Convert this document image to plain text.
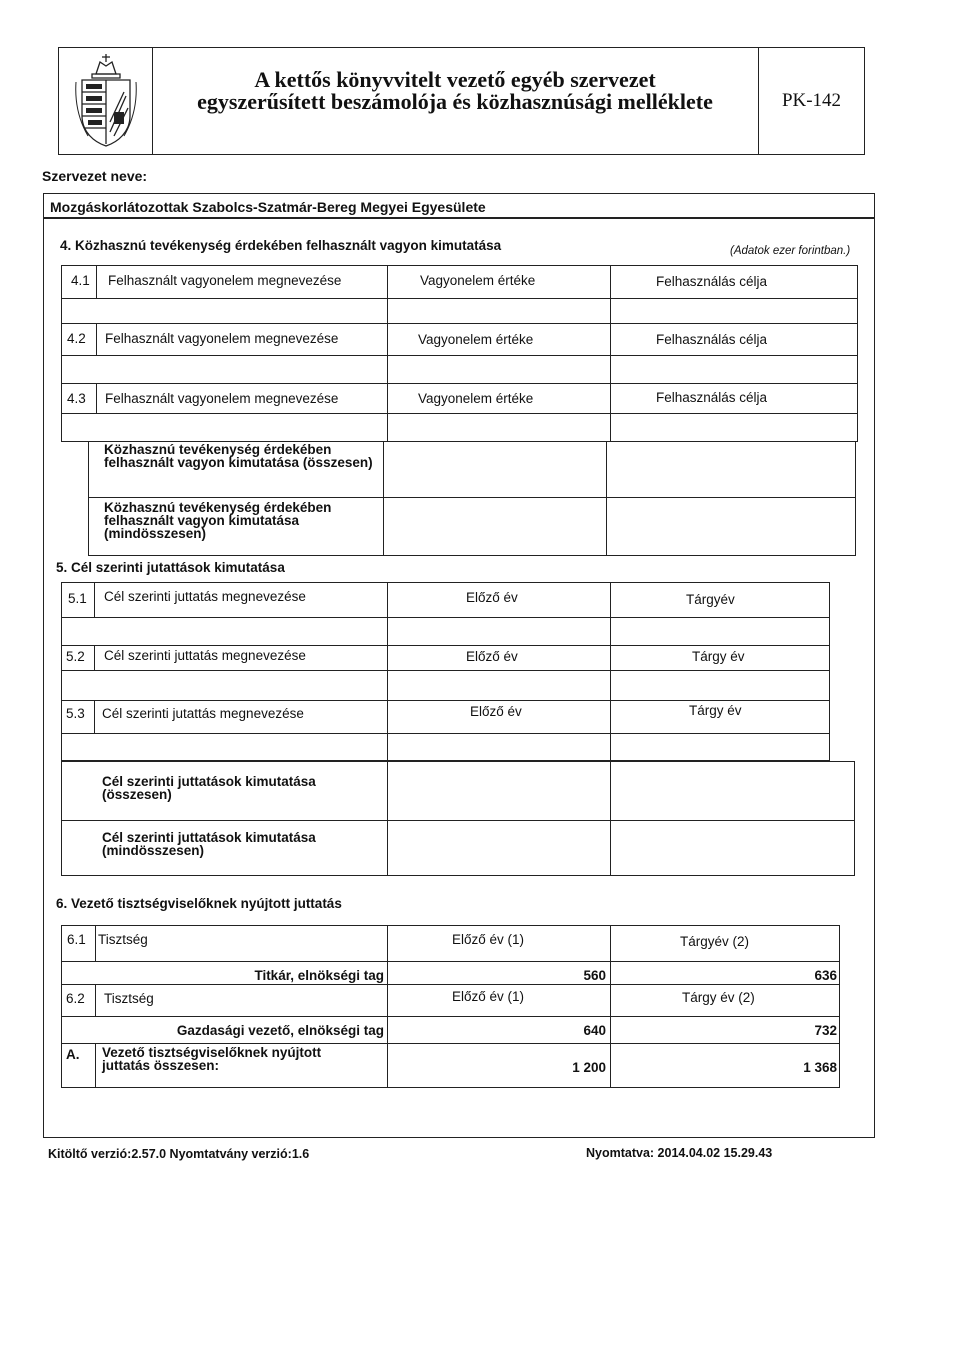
A kettős könyvvitelt vezető egyéb szervezet
egyszerűsített beszámolója és közhasznúsági melléklete	PK-142
Szervezet neve:
Mozgáskorlátozottak Szabolcs-Szatmár-Bereg Megyei Egyesülete
4. Közhasznú tevékenység érdekében felhasznált vagyon kimutatása	(Adatok ezer forintban.)
4.1 Felhasznált vagyonelem megnevezése	Vagyonelem értéke	Felhasználás célja
4.2 Felhasznált vagyonelem megnevezése	Vagyonelem értéke	Felhasználás célja
4.3 Felhasznált vagyonelem megnevezése	Vagyonelem értéke	Felhasználás célja
Közhasznú tevékenység érdekében felhasznált vagyon kimutatása (összesen)
Közhasznú tevékenység érdekében felhasznált vagyon kimutatása (mindösszesen)
5. Cél szerinti jutattások kimutatása
5.1 Cél szerinti juttatás megnevezése	Előző év	Tárgyév
5.2 Cél szerinti juttatás megnevezése	Előző év	Tárgy év
5.3 Cél szerinti jutattás megnevezése	Előző év	Tárgy év
Cél szerinti juttatások kimutatása (összesen)
Cél szerinti juttatások kimutatása (mindösszesen)
6. Vezető tisztségviselőknek nyújtott juttatás
6.1 Tisztség	Előző év (1)	Tárgyév (2)
Titkár, elnökségi tag	560	636
6.2 Tisztség	Előző év (1)	Tárgy év (2)
Gazdasági vezető, elnökségi tag	640	732
A. Vezető tisztségviselőknek nyújtott juttatás összesen:	1 200	1 368
Kitöltő verzió:2.57.0 Nyomtatvány verzió:1.6	Nyomtatva: 2014.04.02 15.29.43
